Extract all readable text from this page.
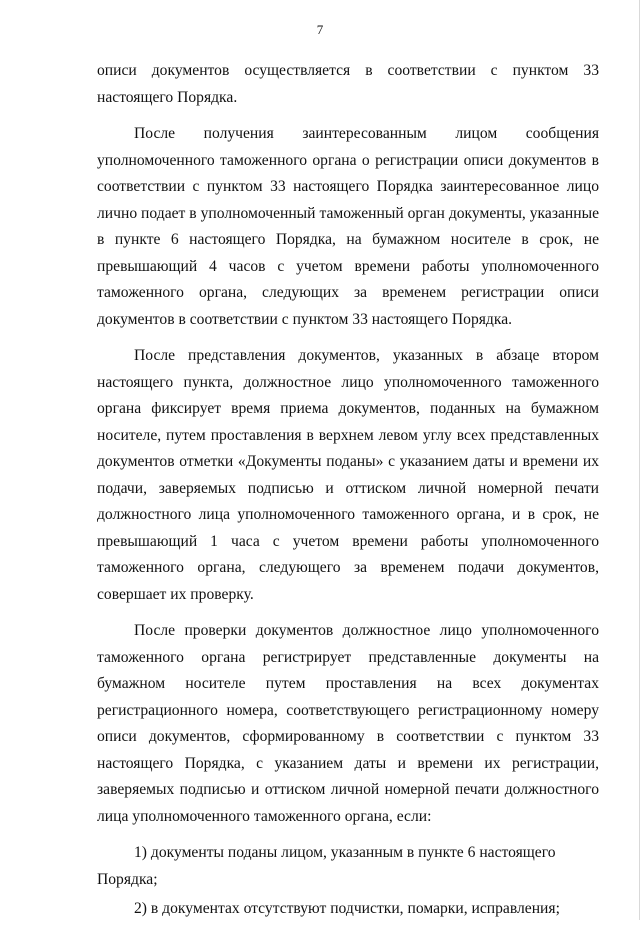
7

описи документов осуществляется в соответствии с пунктом 33 настоящего Порядка.

После получения заинтересованным лицом сообщения уполномоченного таможенного органа о регистрации описи документов в соответствии с пунктом 33 настоящего Порядка заинтересованное лицо лично подает в уполномоченный таможенный орган документы, указанные в пункте 6 настоящего Порядка, на бумажном носителе в срок, не превышающий 4 часов с учетом времени работы уполномоченного таможенного органа, следующих за временем регистрации описи документов в соответствии с пунктом 33 настоящего Порядка.

После представления документов, указанных в абзаце втором настоящего пункта, должностное лицо уполномоченного таможенного органа фиксирует время приема документов, поданных на бумажном носителе, путем проставления в верхнем левом углу всех представленных документов отметки «Документы поданы» с указанием даты и времени их подачи, заверяемых подписью и оттиском личной номерной печати должностного лица уполномоченного таможенного органа, и в срок, не превышающий 1 часа с учетом времени работы уполномоченного таможенного органа, следующего за временем подачи документов, совершает их проверку.

После проверки документов должностное лицо уполномоченного таможенного органа регистрирует представленные документы на бумажном носителе путем проставления на всех документах регистрационного номера, соответствующего регистрационному номеру описи документов, сформированному в соответствии с пунктом 33 настоящего Порядка, с указанием даты и времени их регистрации, заверяемых подписью и оттиском личной номерной печати должностного лица уполномоченного таможенного органа, если:

1) документы поданы лицом, указанным в пункте 6 настоящего Порядка;

2) в документах отсутствуют подчистки, помарки, исправления;
